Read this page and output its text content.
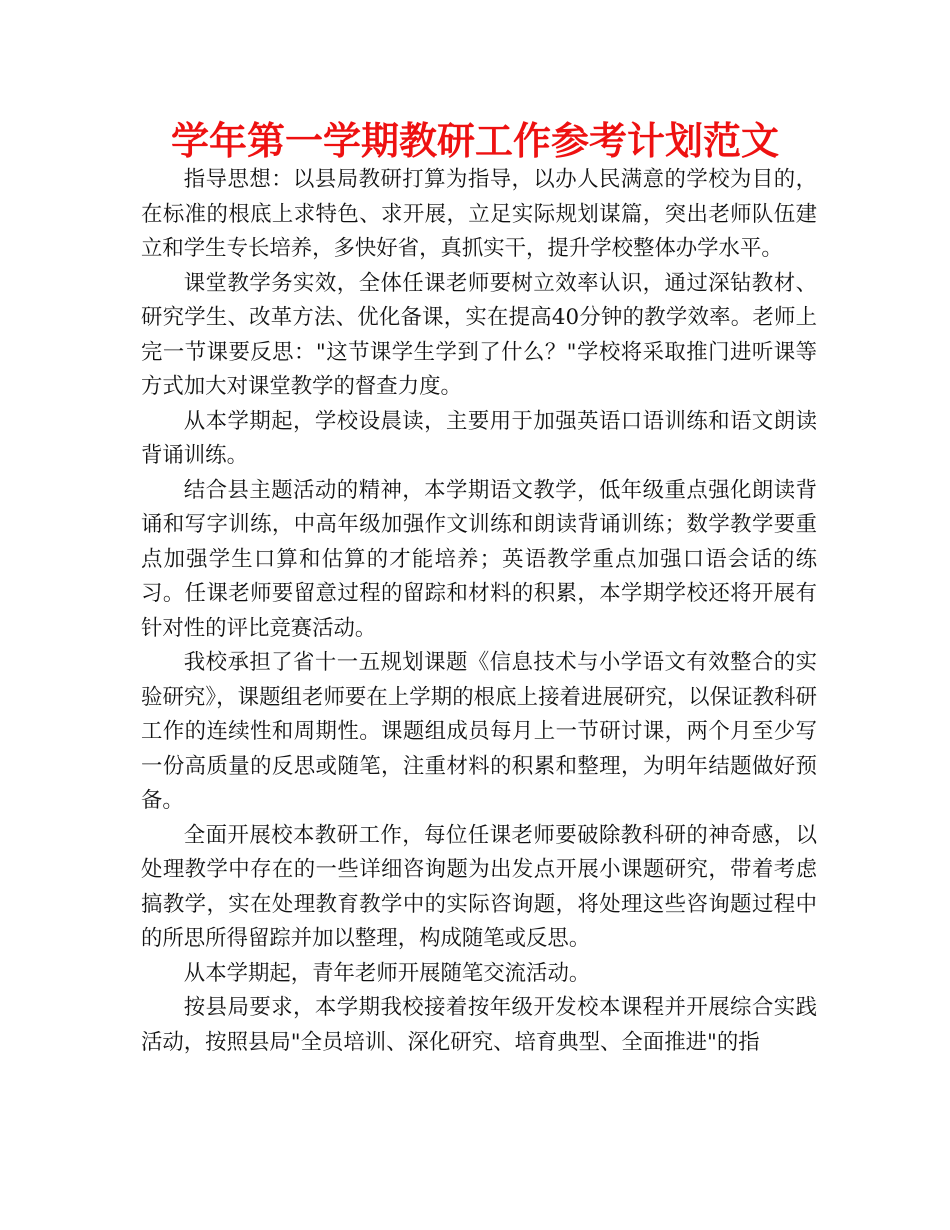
学年第一学期教研工作参考计划范文

指导思想：以县局教研打算为指导，以办人民满意的学校为目的，在标准的根底上求特色、求开展，立足实际规划谋篇，突出老师队伍建立和学生专长培养，多快好省，真抓实干，提升学校整体办学水平。

课堂教学务实效，全体任课老师要树立效率认识，通过深钻教材、研究学生、改革方法、优化备课，实在提高40分钟的教学效率。老师上完一节课要反思："这节课学生学到了什么？"学校将采取推门进听课等方式加大对课堂教学的督查力度。

从本学期起，学校设晨读，主要用于加强英语口语训练和语文朗读背诵训练。

结合县主题活动的精神，本学期语文教学，低年级重点强化朗读背诵和写字训练，中高年级加强作文训练和朗读背诵训练；数学教学要重点加强学生口算和估算的才能培养；英语教学重点加强口语会话的练习。任课老师要留意过程的留踪和材料的积累，本学期学校还将开展有针对性的评比竞赛活动。

我校承担了省十一五规划课题《信息技术与小学语文有效整合的实验研究》，课题组老师要在上学期的根底上接着进展研究，以保证教科研工作的连续性和周期性。课题组成员每月上一节研讨课，两个月至少写一份高质量的反思或随笔，注重材料的积累和整理，为明年结题做好预备。

全面开展校本教研工作，每位任课老师要破除教科研的神奇感，以处理教学中存在的一些详细咨询题为出发点开展小课题研究，带着考虑搞教学，实在处理教育教学中的实际咨询题，将处理这些咨询题过程中的所思所得留踪并加以整理，构成随笔或反思。

从本学期起，青年老师开展随笔交流活动。

按县局要求，本学期我校接着按年级开发校本课程并开展综合实践活动，按照县局"全员培训、深化研究、培育典型、全面推进"的指
